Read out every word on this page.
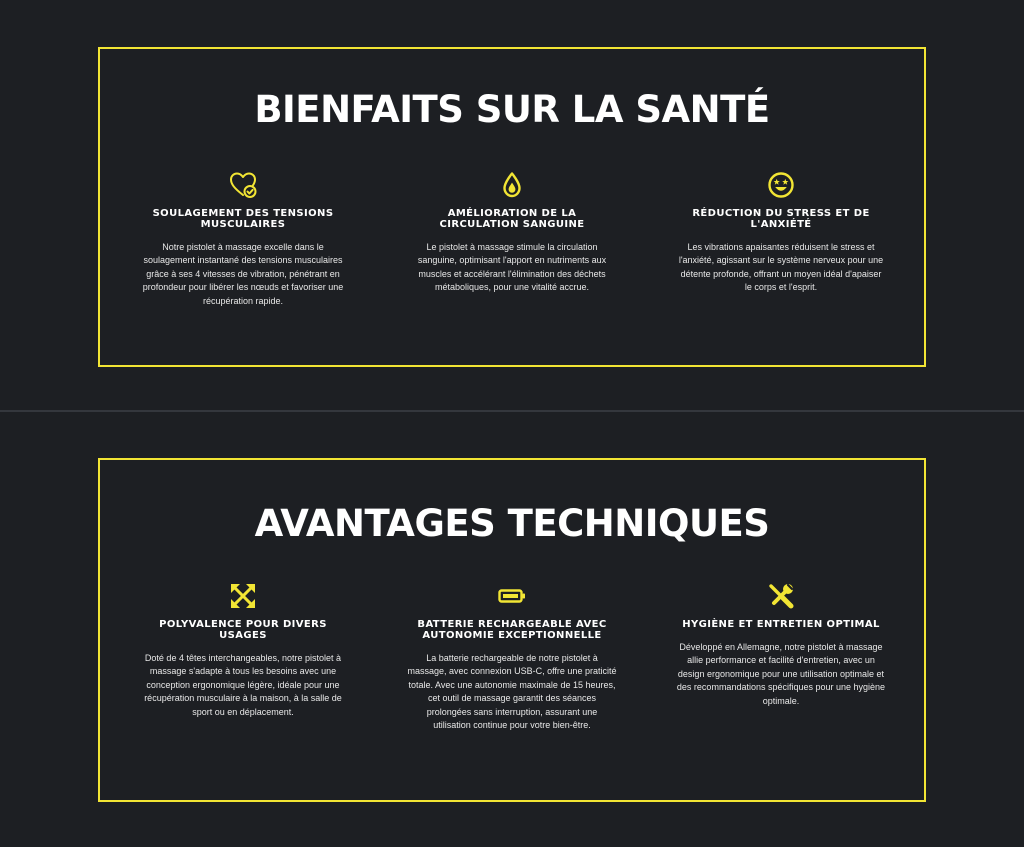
BIENFAITS SUR LA SANTÉ
SOULAGEMENT DES TENSIONS MUSCULAIRES

Notre pistolet à massage excelle dans le soulagement instantané des tensions musculaires grâce à ses 4 vitesses de vibration, pénétrant en profondeur pour libérer les nœuds et favoriser une récupération rapide.

AMÉLIORATION DE LA CIRCULATION SANGUINE

Le pistolet à massage stimule la circulation sanguine, optimisant l'apport en nutriments aux muscles et accélérant l'élimination des déchets métaboliques, pour une vitalité accrue.

RÉDUCTION DU STRESS ET DE L'ANXIÉTÉ

Les vibrations apaisantes réduisent le stress et l'anxiété, agissant sur le système nerveux pour une détente profonde, offrant un moyen idéal d'apaiser le corps et l'esprit.

AVANTAGES TECHNIQUES
POLYVALENCE POUR DIVERS USAGES

Doté de 4 têtes interchangeables, notre pistolet à massage s'adapte à tous les besoins avec une conception ergonomique légère, idéale pour une récupération musculaire à la maison, à la salle de sport ou en déplacement.

BATTERIE RECHARGEABLE AVEC AUTONOMIE EXCEPTIONNELLE

La batterie rechargeable de notre pistolet à massage, avec connexion USB-C, offre une praticité totale. Avec une autonomie maximale de 15 heures, cet outil de massage garantit des séances prolongées sans interruption, assurant une utilisation continue pour votre bien-être.

HYGIÈNE ET ENTRETIEN OPTIMAL

Développé en Allemagne, notre pistolet à massage allie performance et facilité d'entretien, avec un design ergonomique pour une utilisation optimale et des recommandations spécifiques pour une hygiène optimale.
